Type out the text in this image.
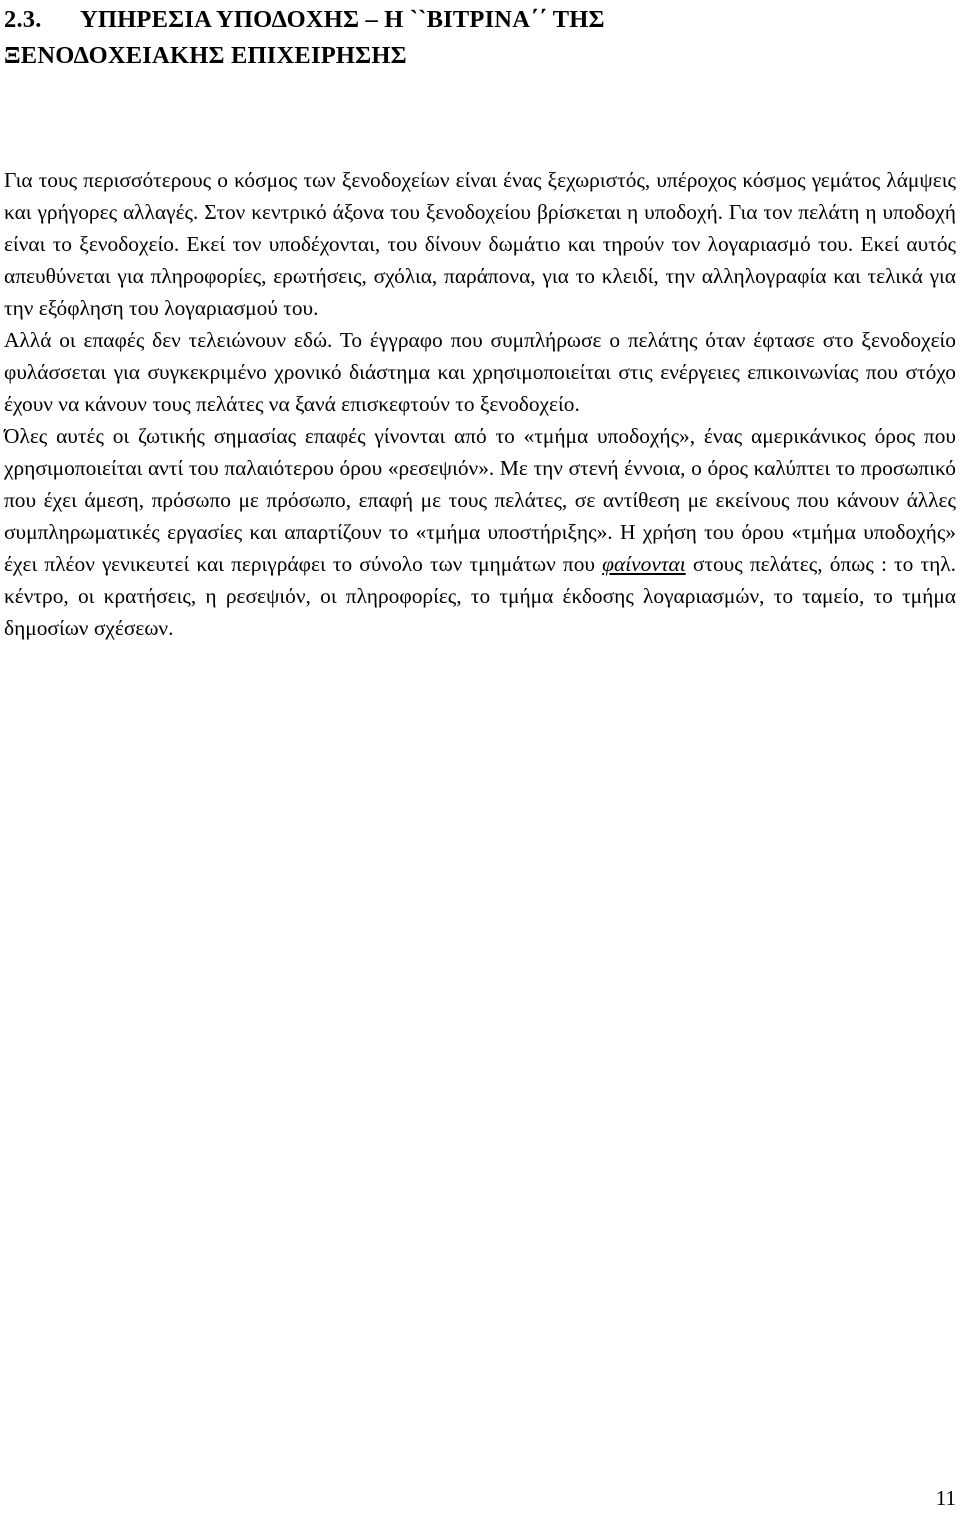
2.3. ΥΠΗΡΕΣΙΑ ΥΠΟΔΟΧΗΣ – Η ``ΒΙΤΡΙΝΑ΄΄ ΤΗΣ
ΞΕΝΟΔΟΧΕΙΑΚΗΣ ΕΠΙΧΕΙΡΗΣΗΣ

Για τους περισσότερους ο κόσμος των ξενοδοχείων είναι ένας ξεχωριστός, υπέροχος κόσμος γεμάτος λάμψεις και γρήγορες αλλαγές. Στον κεντρικό άξονα του ξενοδοχείου βρίσκεται η υποδοχή. Για τον πελάτη η υποδοχή είναι το ξενοδοχείο. Εκεί τον υποδέχονται, του δίνουν δωμάτιο και τηρούν τον λογαριασμό του. Εκεί αυτός απευθύνεται για πληροφορίες, ερωτήσεις, σχόλια, παράπονα, για το κλειδί, την αλληλογραφία και τελικά για την εξόφληση του λογαριασμού του.

Αλλά οι επαφές δεν τελειώνουν εδώ. Το έγγραφο που συμπλήρωσε ο πελάτης όταν έφτασε στο ξενοδοχείο φυλάσσεται για συγκεκριμένο χρονικό διάστημα και χρησιμοποιείται στις ενέργειες επικοινωνίας που στόχο έχουν να κάνουν τους πελάτες να ξανά επισκεφτούν το ξενοδοχείο.

Όλες αυτές οι ζωτικής σημασίας επαφές γίνονται από το «τμήμα υποδοχής», ένας αμερικάνικος όρος που χρησιμοποιείται αντί του παλαιότερου όρου «ρεσεψιόν». Με την στενή έννοια, ο όρος καλύπτει το προσωπικό που έχει άμεση, πρόσωπο με πρόσωπο, επαφή με τους πελάτες, σε αντίθεση με εκείνους που κάνουν άλλες συμπληρωματικές εργασίες και απαρτίζουν το «τμήμα υποστήριξης». Η χρήση του όρου «τμήμα υποδοχής» έχει πλέον γενικευτεί και περιγράφει το σύνολο των τμημάτων που φαίνονται στους πελάτες, όπως : το τηλ. κέντρο, οι κρατήσεις, η ρεσεψιόν, οι πληροφορίες, το τμήμα έκδοσης λογαριασμών, το ταμείο, το τμήμα δημοσίων σχέσεων.

11
